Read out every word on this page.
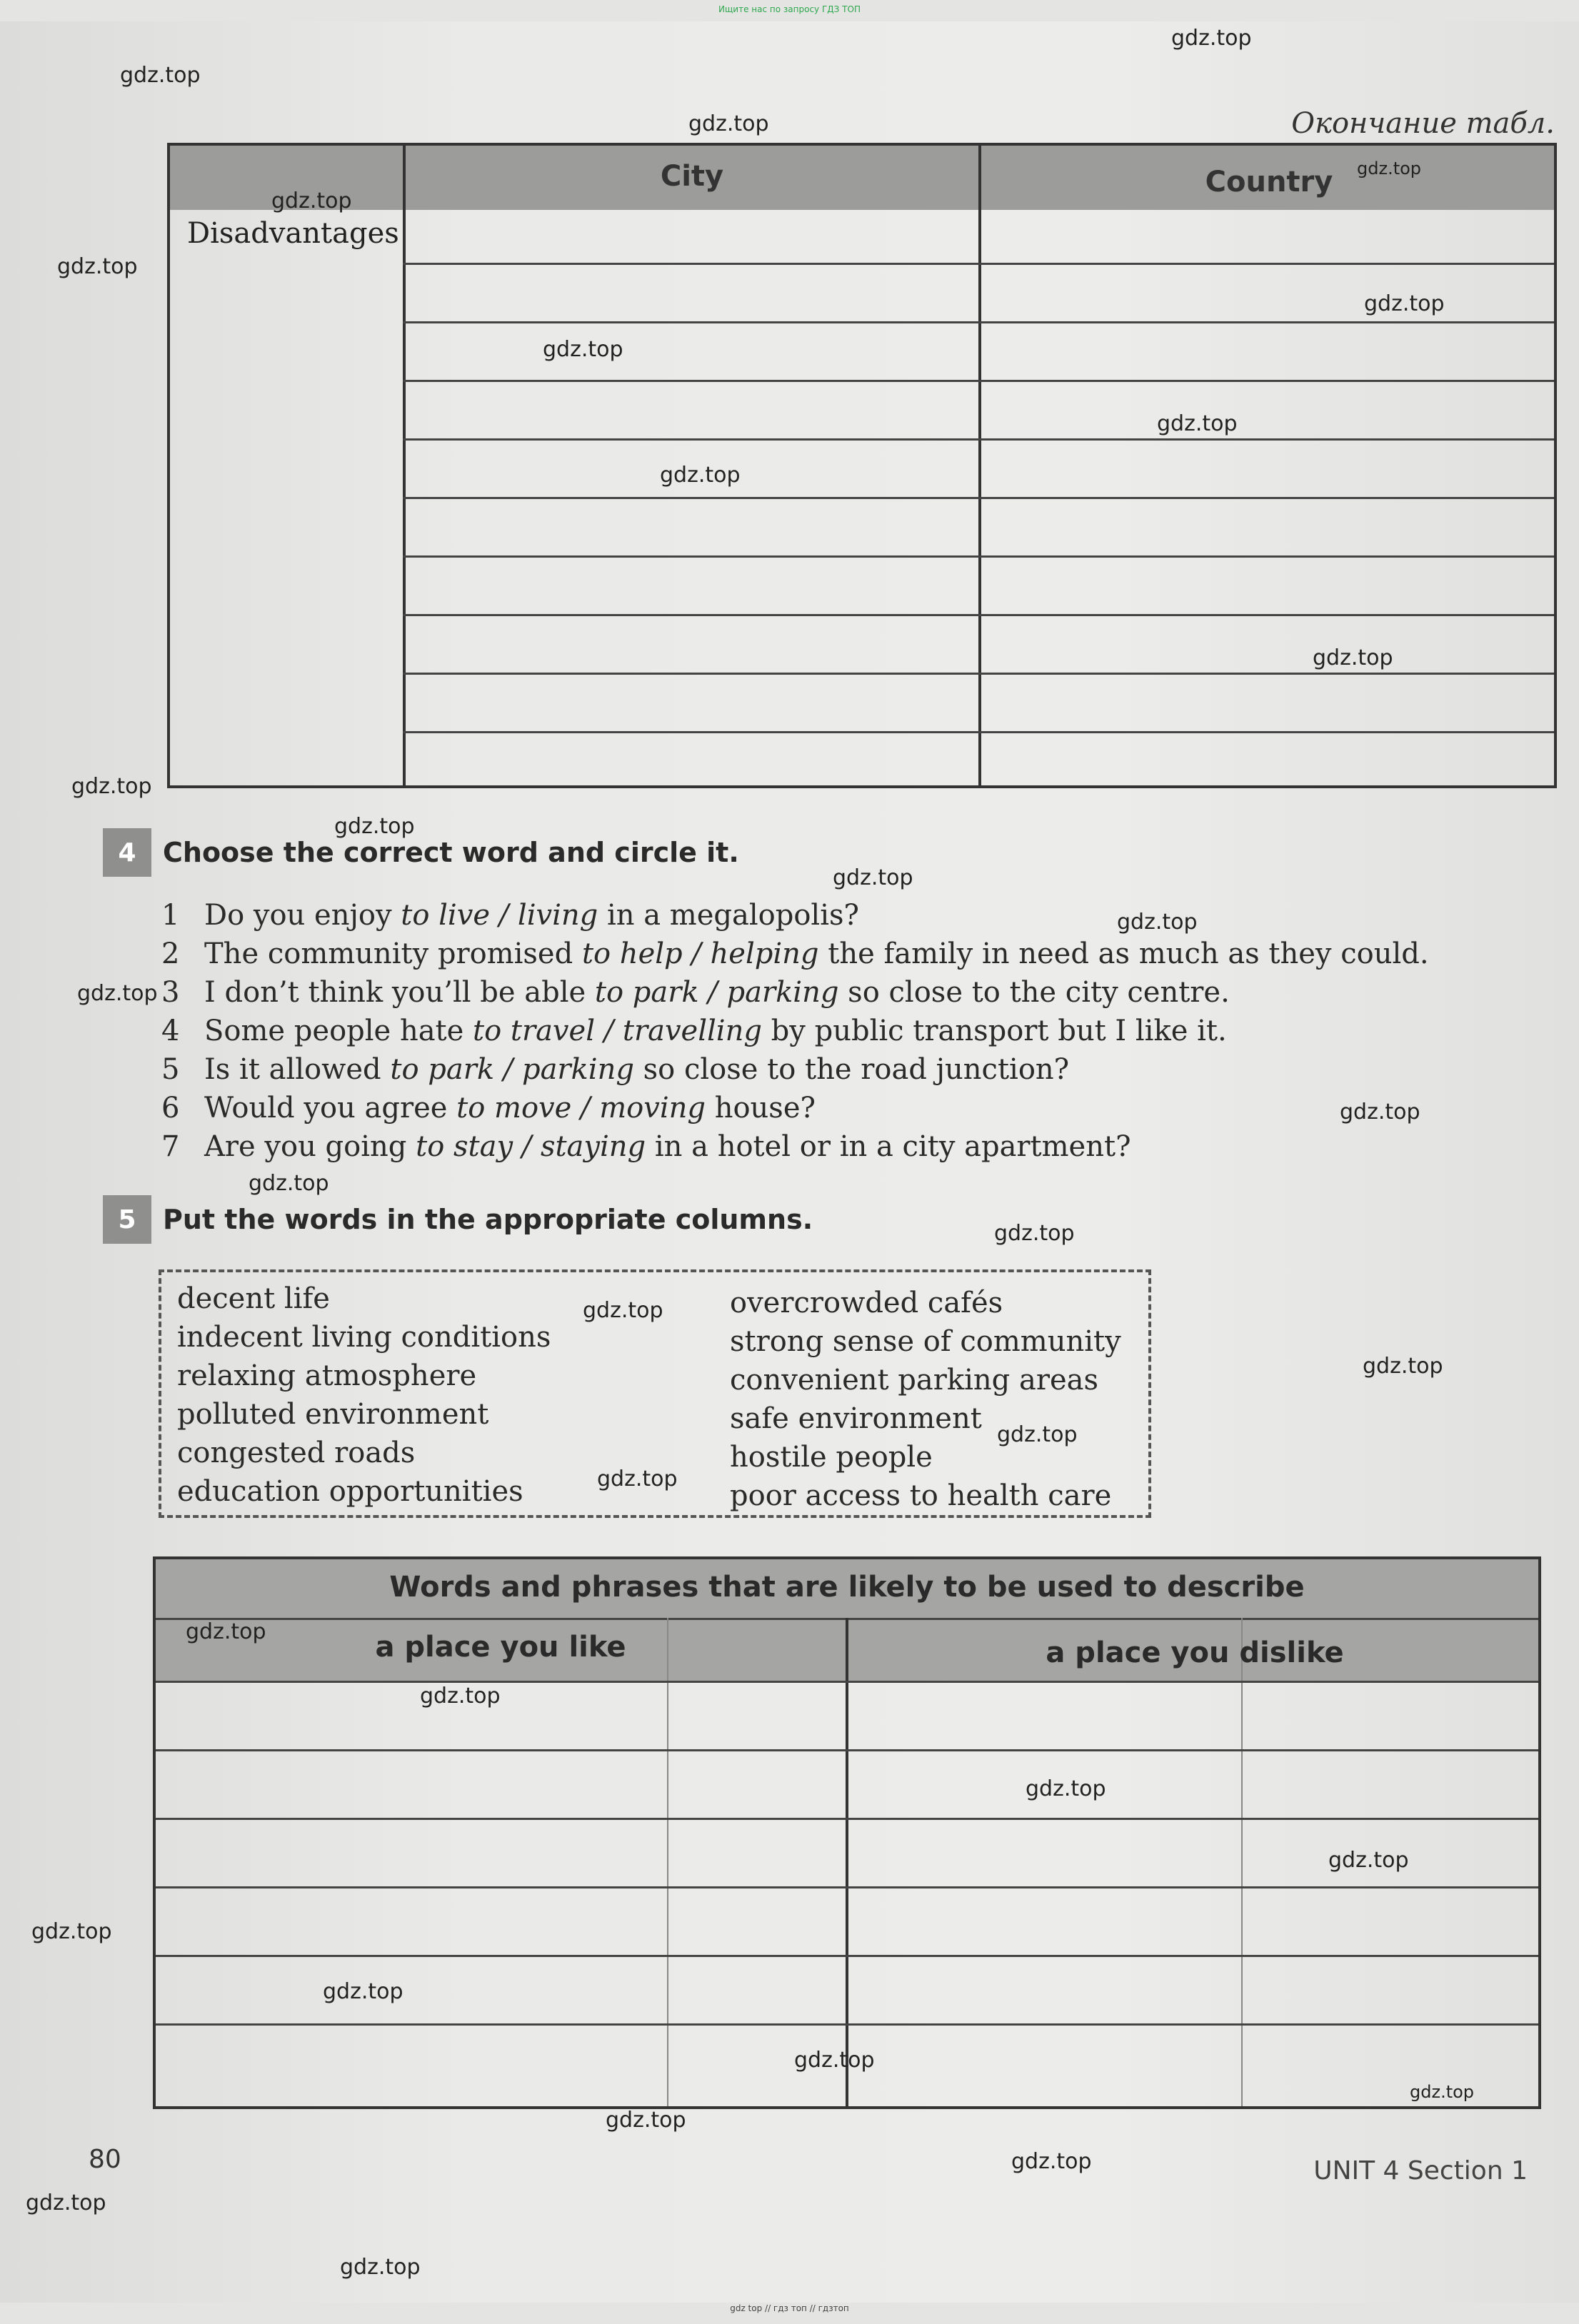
Ищите нас по запросу ГДЗ ТОП
Окончание табл.
City	Country
Disadvantages
4 Choose the correct word and circle it.
1 Do you enjoy to live / living in a megalopolis?
2 The community promised to help / helping the family in need as much as they could.
3 I don’t think you’ll be able to park / parking so close to the city centre.
4 Some people hate to travel / travelling by public transport but I like it.
5 Is it allowed to park / parking so close to the road junction?
6 Would you agree to move / moving house?
7 Are you going to stay / staying in a hotel or in a city apartment?
5 Put the words in the appropriate columns.
decent life
indecent living conditions
relaxing atmosphere
polluted environment
congested roads
education opportunities
overcrowded cafés
strong sense of community
convenient parking areas
safe environment
hostile people
poor access to health care
Words and phrases that are likely to be used to describe
a place you like	a place you dislike
80	UNIT 4 Section 1
gdz.top
gdz.top
gdz.top
gdz.top
gdz.top
gdz.top
gdz.top
gdz.top
gdz.top
gdz.top
gdz.top
gdz.top
gdz.top
gdz.top
gdz.top
gdz.top
gdz.top
gdz.top
gdz.top
gdz.top
gdz.top
gdz.top
gdz.top
gdz.top
gdz.top
gdz.top
gdz.top
gdz.top
gdz.top
gdz.top
gdz.top
gdz.top
gdz.top
gdz.top
gdz.top
gdz top // гдз топ // гдзтоп
